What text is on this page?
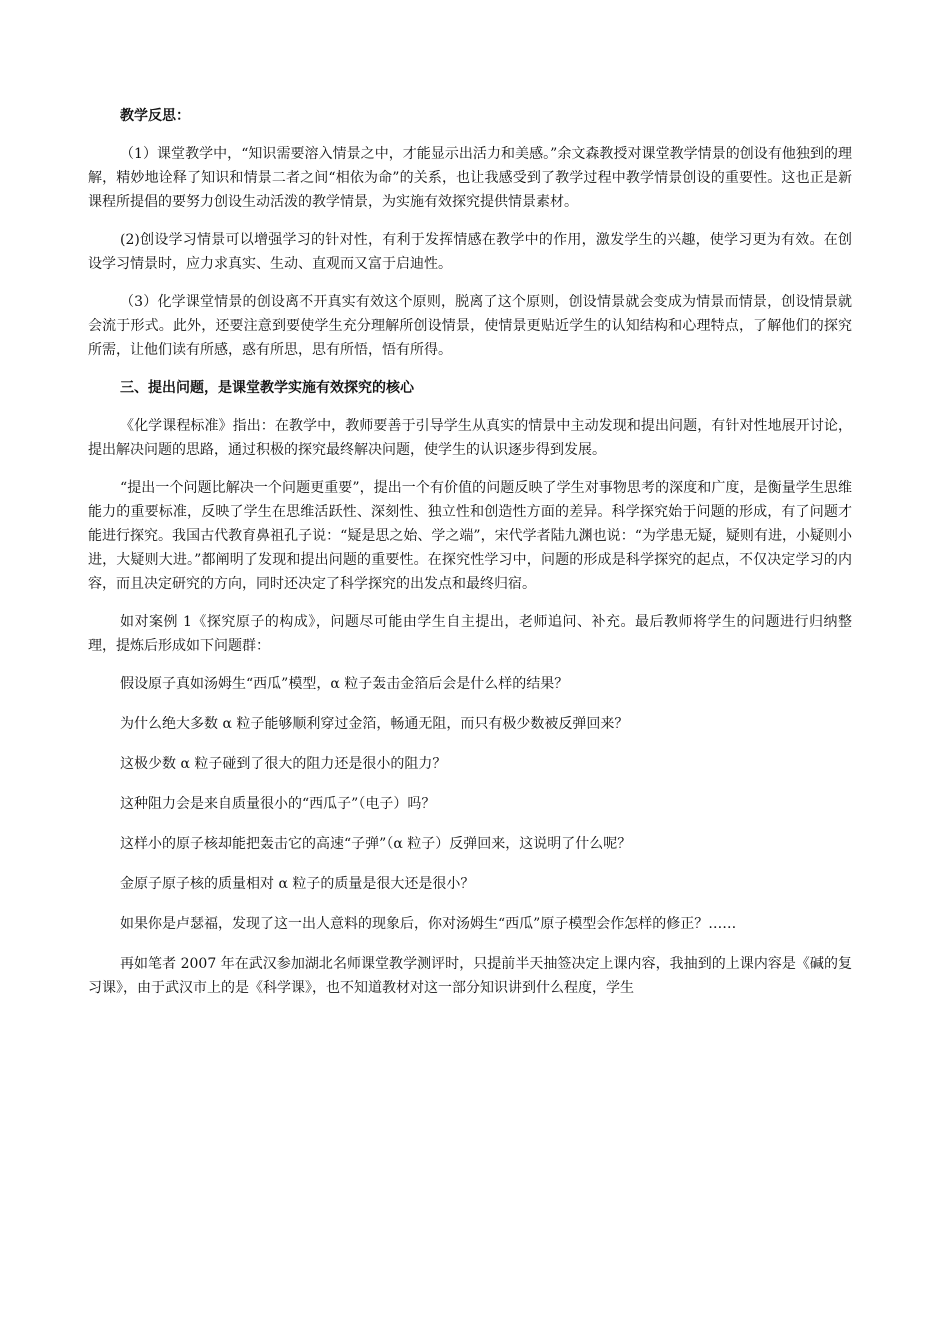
教学反思：

（1）课堂教学中，“知识需要溶入情景之中，才能显示出活力和美感。”余文森教授对课堂教学情景的创设有他独到的理解，精妙地诠释了知识和情景二者之间“相依为命”的关系，也让我感受到了教学过程中教学情景创设的重要性。这也正是新课程所提倡的要努力创设生动活泼的教学情景，为实施有效探究提供情景素材。

(2)创设学习情景可以增强学习的针对性，有利于发挥情感在教学中的作用，激发学生的兴趣，使学习更为有效。在创设学习情景时，应力求真实、生动、直观而又富于启迪性。

（3）化学课堂情景的创设离不开真实有效这个原则，脱离了这个原则，创设情景就会变成为情景而情景，创设情景就会流于形式。此外，还要注意到要使学生充分理解所创设情景，使情景更贴近学生的认知结构和心理特点，了解他们的探究所需，让他们读有所感，惑有所思，思有所悟，悟有所得。

三、提出问题，是课堂教学实施有效探究的核心

《化学课程标准》指出：在教学中，教师要善于引导学生从真实的情景中主动发现和提出问题，有针对性地展开讨论，提出解决问题的思路，通过积极的探究最终解决问题，使学生的认识逐步得到发展。

“提出一个问题比解决一个问题更重要”，提出一个有价值的问题反映了学生对事物思考的深度和广度，是衡量学生思维能力的重要标准，反映了学生在思维活跃性、深刻性、独立性和创造性方面的差异。科学探究始于问题的形成，有了问题才能进行探究。我国古代教育鼻祖孔子说：“疑是思之始、学之端”，宋代学者陆九渊也说：“为学患无疑，疑则有进，小疑则小进，大疑则大进。”都阐明了发现和提出问题的重要性。在探究性学习中，问题的形成是科学探究的起点，不仅决定学习的内容，而且决定研究的方向，同时还决定了科学探究的出发点和最终归宿。

如对案例 1《探究原子的构成》，问题尽可能由学生自主提出，老师追问、补充。最后教师将学生的问题进行归纳整理，提炼后形成如下问题群：

假设原子真如汤姆生“西瓜”模型，α 粒子轰击金箔后会是什么样的结果？

为什么绝大多数 α 粒子能够顺利穿过金箔，畅通无阻，而只有极少数被反弹回来？

这极少数 α 粒子碰到了很大的阻力还是很小的阻力？

这种阻力会是来自质量很小的“西瓜子”（电子）吗？

这样小的原子核却能把轰击它的高速“子弹”（α 粒子）反弹回来，这说明了什么呢？

金原子原子核的质量相对 α 粒子的质量是很大还是很小？

如果你是卢瑟福，发现了这一出人意料的现象后，你对汤姆生“西瓜”原子模型会作怎样的修正？……

再如笔者 2007 年在武汉参加湖北名师课堂教学测评时，只提前半天抽签决定上课内容，我抽到的上课内容是《碱的复习课》，由于武汉市上的是《科学课》，也不知道教材对这一部分知识讲到什么程度，学生
